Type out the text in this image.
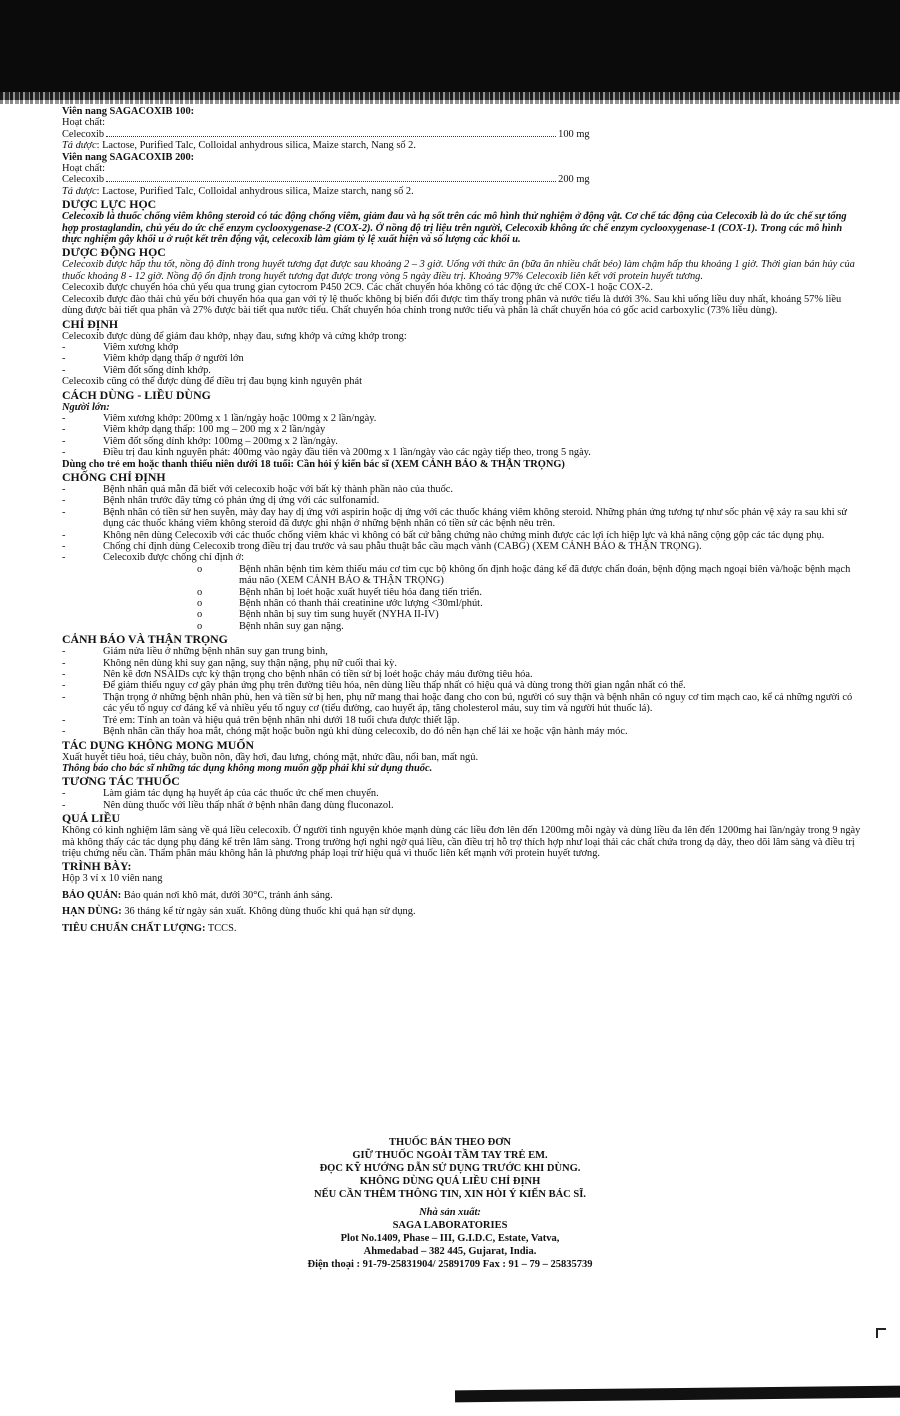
Viên nang SAGACOXIB 100:

Hoạt chất:

Celecoxib	100 mg

Tá dược: Lactose, Purified Talc, Colloidal anhydrous silica, Maize starch, Nang số 2.

Viên nang SAGACOXIB 200:

Hoạt chất:

Celecoxib	200 mg

Tá dược: Lactose, Purified Talc, Colloidal anhydrous silica, Maize starch, nang số 2.

DƯỢC LỰC HỌC

Celecoxib là thuốc chống viêm không steroid có tác động chống viêm, giảm đau và hạ sốt trên các mô hình thử nghiệm ở động vật. Cơ chế tác động của Celecoxib là do ức chế sự tổng hợp prostaglandin, chủ yếu do ức chế enzym cyclooxygenase-2 (COX-2). Ở nồng độ trị liệu trên người, Celecoxib không ức chế enzym cyclooxygenase-1 (COX-1). Trong các mô hình thực nghiệm gây khối u ở ruột kết trên động vật, celecoxib làm giảm tỷ lệ xuất hiện và số lượng các khối u.

DƯỢC ĐỘNG HỌC

Celecoxib được hấp thu tốt, nồng độ đỉnh trong huyết tương đạt được sau khoảng 2 – 3 giờ. Uống với thức ăn (bữa ăn nhiều chất béo) làm chậm hấp thu khoảng 1 giờ. Thời gian bán hủy của thuốc khoảng 8 - 12 giờ. Nồng độ ổn định trong huyết tương đạt được trong vòng 5 ngày điều trị. Khoảng 97% Celecoxib liên kết với protein huyết tương.

Celecoxib được chuyển hóa chủ yếu qua trung gian cytocrom P450 2C9. Các chất chuyển hóa không có tác động ức chế COX-1 hoặc COX-2.

Celecoxib được đào thải chủ yếu bởi chuyển hóa qua gan với tỷ lệ thuốc không bị biến đổi được tìm thấy trong phân và nước tiểu là dưới 3%. Sau khi uống liều duy nhất, khoảng 57% liều dùng được bài tiết qua phân và 27% được bài tiết qua nước tiểu. Chất chuyển hóa chính trong nước tiểu và phân là chất chuyển hóa có gốc acid carboxylic (73% liều dùng).

CHỈ ĐỊNH

Celecoxib được dùng để giảm đau khớp, nhạy đau, sưng khớp và cứng khớp trong:

-	Viêm xương khớp
-	Viêm khớp dạng thấp ở người lớn
-	Viêm đốt sống dính khớp.

Celecoxib cũng có thể được dùng để điều trị đau bụng kinh nguyên phát

CÁCH DÙNG - LIỀU DÙNG

Người lớn:

-	Viêm xương khớp: 200mg x 1 lần/ngày hoặc 100mg x 2 lần/ngày.
-	Viêm khớp dạng thấp: 100 mg – 200 mg x 2 lần/ngày
-	Viêm đốt sống dính khớp: 100mg – 200mg x 2 lần/ngày.
-	Điều trị đau kinh nguyên phát: 400mg vào ngày đầu tiên và 200mg x 1 lần/ngày vào các ngày tiếp theo, trong 5 ngày.

Dùng cho trẻ em hoặc thanh thiếu niên dưới 18 tuổi: Cần hỏi ý kiến bác sĩ (XEM CẢNH BÁO & THẬN TRỌNG)

CHỐNG CHỈ ĐỊNH

-	Bệnh nhân quá mẫn đã biết với celecoxib hoặc với bất kỳ thành phần nào của thuốc.
-	Bệnh nhân trước đây từng có phản ứng dị ứng với các sulfonamid.
-	Bệnh nhân có tiền sử hen suyễn, mày đay hay dị ứng với aspirin hoặc dị ứng với các thuốc kháng viêm không steroid. Những phản ứng tương tự như sốc phản vệ xảy ra sau khi sử dụng các thuốc kháng viêm không steroid đã được ghi nhận ở những bệnh nhân có tiền sử các bệnh nêu trên.
-	Không nên dùng Celecoxib với các thuốc chống viêm khác vì không có bất cứ bằng chứng nào chứng minh được các lợi ích hiệp lực và khả năng cộng gộp các tác dụng phụ.
-	Chống chỉ định dùng Celecoxib trong điều trị đau trước và sau phẫu thuật bắc cầu mạch vành (CABG) (XEM CẢNH BÁO & THẬN TRỌNG).
-	Celecoxib được chống chỉ định ở:
o	Bệnh nhân bệnh tim kèm thiếu máu cơ tim cục bộ không ổn định hoặc đáng kể đã được chẩn đoán, bệnh động mạch ngoại biên và/hoặc bệnh mạch máu não (XEM CẢNH BÁO & THẬN TRỌNG)
o	Bệnh nhân bị loét hoặc xuất huyết tiêu hóa đang tiến triển.
o	Bệnh nhân có thanh thải creatinine ước lượng <30ml/phút.
o	Bệnh nhân bị suy tim sung huyết (NYHA II-IV)
o	Bệnh nhân suy gan nặng.

CẢNH BÁO VÀ THẬN TRỌNG

-	Giảm nửa liều ở những bệnh nhân suy gan trung bình,
-	Không nên dùng khi suy gan nặng, suy thận nặng, phụ nữ cuối thai kỳ.
-	Nên kê đơn NSAIDs cực kỳ thận trọng cho bệnh nhân có tiền sử bị loét hoặc chảy máu đường tiêu hóa.
-	Để giảm thiểu nguy cơ gây phản ứng phụ trên đường tiêu hóa, nên dùng liều thấp nhất có hiệu quả và dùng trong thời gian ngắn nhất có thể.
-	Thận trọng ở những bệnh nhân phù, hen và tiền sử bị hen, phụ nữ mang thai hoặc đang cho con bú, người có suy thận và bệnh nhân có nguy cơ tim mạch cao, kể cả những người có các yếu tố nguy cơ đáng kể và nhiều yếu tố nguy cơ (tiểu đường, cao huyết áp, tăng cholesterol máu, suy tim và người hút thuốc lá).
-	Trẻ em: Tính an toàn và hiệu quả trên bệnh nhân nhi dưới 18 tuổi chưa được thiết lập.
-	Bệnh nhân cần thấy hoa mắt, chóng mặt hoặc buồn ngủ khi dùng celecoxib, do đó nên hạn chế lái xe hoặc vận hành máy móc.

TÁC DỤNG KHÔNG MONG MUỐN

Xuất huyết tiêu hoá, tiêu chảy, buồn nôn, đầy hơi, đau lưng, chóng mặt, nhức đầu, nổi ban, mất ngủ.

Thông báo cho bác sĩ những tác dụng không mong muốn gặp phải khi sử dụng thuốc.

TƯƠNG TÁC THUỐC

-	Làm giảm tác dụng hạ huyết áp của các thuốc ức chế men chuyển.
-	Nên dùng thuốc với liều thấp nhất ở bệnh nhân đang dùng fluconazol.

QUÁ LIỀU

Không có kinh nghiệm lâm sàng về quá liều celecoxib. Ở người tình nguyện khỏe mạnh dùng các liều đơn lên đến 1200mg mỗi ngày và dùng liều đa lên đến 1200mg hai lần/ngày trong 9 ngày mà không thấy các tác dụng phụ đáng kể trên lâm sàng. Trong trường hợi nghi ngờ quá liều, cần điều trị hỗ trợ thích hợp như loại thải các chất chứa trong dạ dày, theo dõi lâm sàng và điều trị triệu chứng nếu cần. Thẩm phân máu không hẳn là phương pháp loại trừ hiệu quả vì thuốc liên kết mạnh với protein huyết tương.

TRÌNH BÀY:

Hộp 3 vỉ x 10 viên nang

BẢO QUẢN: Bảo quản nơi khô mát, dưới 30°C, tránh ánh sáng.

HẠN DÙNG: 36 tháng kể từ ngày sản xuất. Không dùng thuốc khi quá hạn sử dụng.

TIÊU CHUẨN CHẤT LƯỢNG: TCCS.

THUỐC BÁN THEO ĐƠN

GIỮ THUỐC NGOÀI TẦM TAY TRẺ EM.

ĐỌC KỸ HƯỚNG DẪN SỬ DỤNG TRƯỚC KHI DÙNG.

KHÔNG DÙNG QUÁ LIỀU CHỈ ĐỊNH

NẾU CẦN THÊM THÔNG TIN, XIN HỎI Ý KIẾN BÁC SĨ.

Nhà sản xuất:

SAGA LABORATORIES

Plot No.1409, Phase – III, G.I.D.C, Estate, Vatva,

Ahmedabad – 382 445, Gujarat, India.

Điện thoại : 91-79-25831904/ 25891709 Fax : 91 – 79 – 25835739
